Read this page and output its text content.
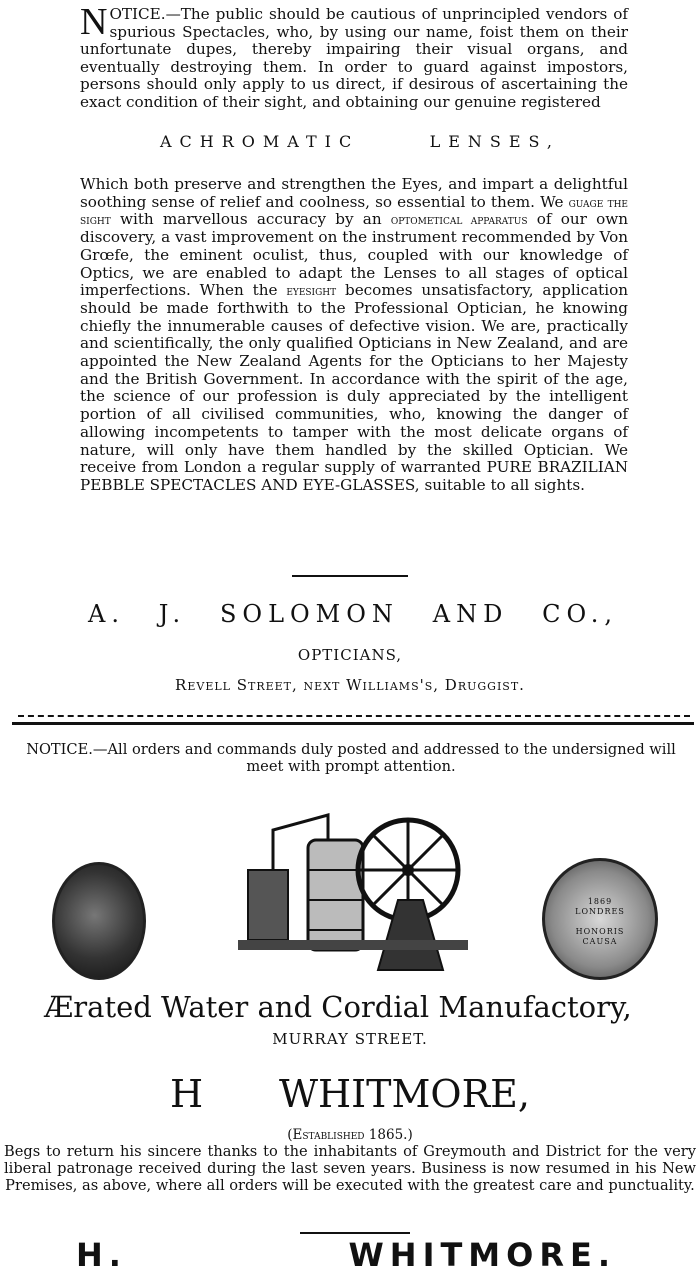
NOTICE.—The public should be cautious of unprincipled vendors of spurious Spectacles, who, by using our name, foist them on their unfortunate dupes, thereby impairing their visual organs, and eventually destroying them. In order to guard against impostors, persons should only apply to us direct, if desirous of ascertaining the exact condition of their sight, and obtaining our genuine registered
ACHROMATIC	LENSES,
Which both preserve and strengthen the Eyes, and impart a delightful soothing sense of relief and coolness, so essential to them. We guage the sight with marvellous accuracy by an optometical apparatus of our own discovery, a vast improvement on the instrument recommended by Von Grœfe, the eminent oculist, thus, coupled with our knowledge of Optics, we are enabled to adapt the Lenses to all stages of optical imperfections. When the eyesight becomes unsatisfactory, application should be made forthwith to the Professional Optician, he knowing chiefly the innumerable causes of defective vision. We are, practically and scientifically, the only qualified Opticians in New Zealand, and are appointed the New Zealand Agents for the Opticians to her Majesty and the British Government. In accordance with the spirit of the age, the science of our profession is duly appreciated by the intelligent portion of all civilised communities, who, knowing the danger of allowing incompetents to tamper with the most delicate organs of nature, will only have them handled by the skilled Optician. We receive from London a regular supply of warranted PURE BRAZILIAN PEBBLE SPECTACLES AND EYE-GLASSES, suitable to all sights.
A. J. SOLOMON AND CO.,
OPTICIANS,
Revell Street, next Williams's, Druggist.
NOTICE.—All orders and commands duly posted and addressed to the undersigned will meet with prompt attention.
1869
LONDRES
HONORIS
CAUSA
Ærated Water and Cordial Manufactory,
MURRAY STREET.
H WHITMORE,
(Established 1865.)
Begs to return his sincere thanks to the inhabitants of Greymouth and District for the very liberal patronage received during the last seven years. Business is now resumed in his New Premises, as above, where all orders will be executed with the greatest care and punctuality.
H.	WHITMORE.
